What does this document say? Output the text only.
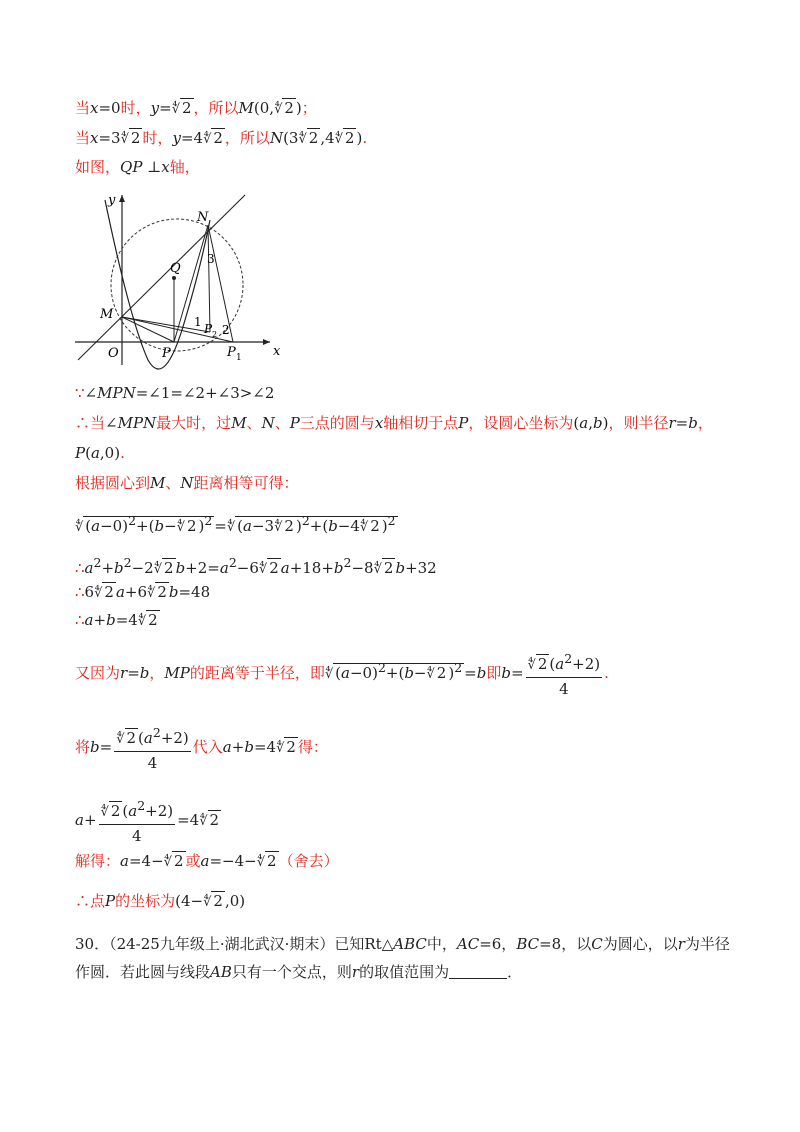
当x=0时，y=∜ 2 ，所以M(0,∜ 2 )；
当x=3∜ 2 时，y=4∜ 2 ，所以N(3∜ 2 ,4∜ 2 ).
如图，QP ⊥x轴，
x
y
O
M
N
Q
P	P 1
P 2
1
2
3
∵∠MPN=∠1=∠2+∠3>∠2
∴当∠MPN最大时，过M、N、P三点的圆与x轴相切于点P，设圆心坐标为(a,b)，则半径r=b，
P(a,0).
根据圆心到M、N距离相等可得：
∜ $(a-0)^2+(b-∜$ 2 )$^2$ =∜ (a−3∜ 2 )$^2$+(b−4∜ 2 )$^2$
$\therefore a^2+b^2-2∜$ 2 $b+2=a^2-6∜$ 2 $a+18+b^2-8∜$ 2 b+32
∴6∜ 2 a+6∜ 2 b=48
∴a+b=4∜ 2
又因为r=b，MP的距离等于半径，即∜ $(a-0)^2+(b-∜$ 2 )$^2$ =b即$b= \frac{∜ 2 (a^2+2)}{4}$ .
将$b= \frac{∜ 2 (a^2+2)}{4}$ 代入a+b=4∜ 2 得：
$a+ \frac{∜ 2 (a^2+2)}{4}$ =4∜ 2
解得：a=4−∜ 2 或a=−4−∜ 2 （舍去）
∴点P的坐标为(4−∜ 2 ,0)
30．（24-25九年级上·湖北武汉·期末）已知Rt△ABC中，AC=6，BC=8，以C为圆心，以r为半径作圆．若此圆与线段AB只有一个交点，则r的取值范围为	．
